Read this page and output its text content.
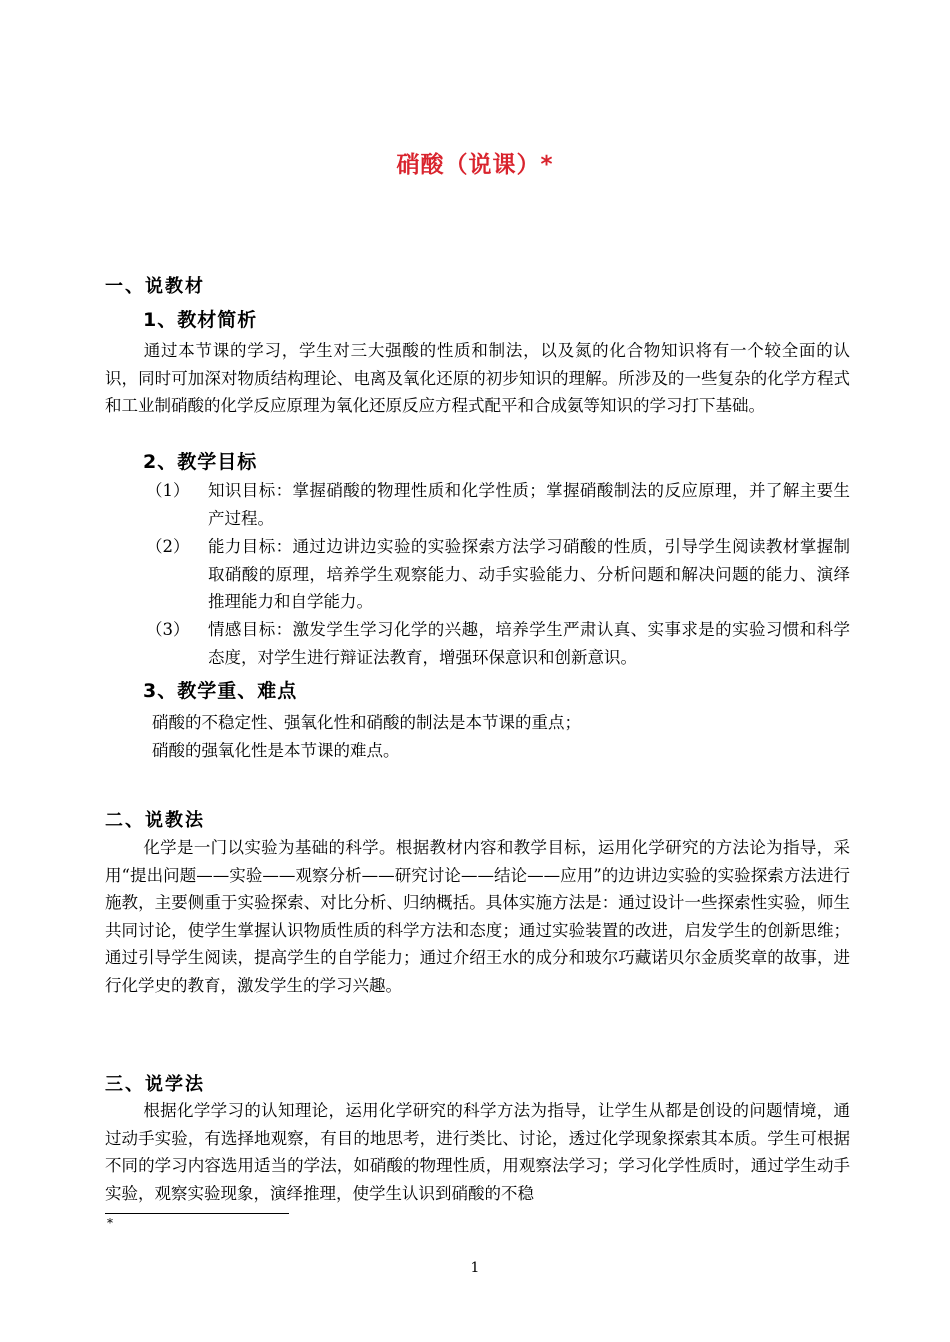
硝酸（说课）*
一、说教材
1、教材简析

通过本节课的学习，学生对三大强酸的性质和制法，以及氮的化合物知识将有一个较全面的认识，同时可加深对物质结构理论、电离及氧化还原的初步知识的理解。所涉及的一些复杂的化学方程式和工业制硝酸的化学反应原理为氧化还原反应方程式配平和合成氨等知识的学习打下基础。

2、教学目标
（1） 知识目标：掌握硝酸的物理性质和化学性质；掌握硝酸制法的反应原理，并了解主要生产过程。
（2） 能力目标：通过边讲边实验的实验探索方法学习硝酸的性质，引导学生阅读教材掌握制取硝酸的原理，培养学生观察能力、动手实验能力、分析问题和解决问题的能力、演绎推理能力和自学能力。
（3） 情感目标：激发学生学习化学的兴趣，培养学生严肃认真、实事求是的实验习惯和科学态度，对学生进行辩证法教育，增强环保意识和创新意识。
3、教学重、难点
硝酸的不稳定性、强氧化性和硝酸的制法是本节课的重点；
硝酸的强氧化性是本节课的难点。
二、说教法

化学是一门以实验为基础的科学。根据教材内容和教学目标，运用化学研究的方法论为指导，采用“提出问题——实验——观察分析——研究讨论——结论——应用”的边讲边实验的实验探索方法进行施教，主要侧重于实验探索、对比分析、归纳概括。具体实施方法是：通过设计一些探索性实验，师生共同讨论，使学生掌握认识物质性质的科学方法和态度；通过实验装置的改进，启发学生的创新思维；通过引导学生阅读，提高学生的自学能力；通过介绍王水的成分和玻尔巧藏诺贝尔金质奖章的故事，进行化学史的教育，激发学生的学习兴趣。

三、说学法

根据化学学习的认知理论，运用化学研究的科学方法为指导，让学生从都是创设的问题情境，通过动手实验，有选择地观察，有目的地思考，进行类比、讨论，透过化学现象探索其本质。学生可根据不同的学习内容选用适当的学法，如硝酸的物理性质，用观察法学习；学习化学性质时，通过学生动手实验，观察实验现象，演绎推理，使学生认识到硝酸的不稳

*
1
